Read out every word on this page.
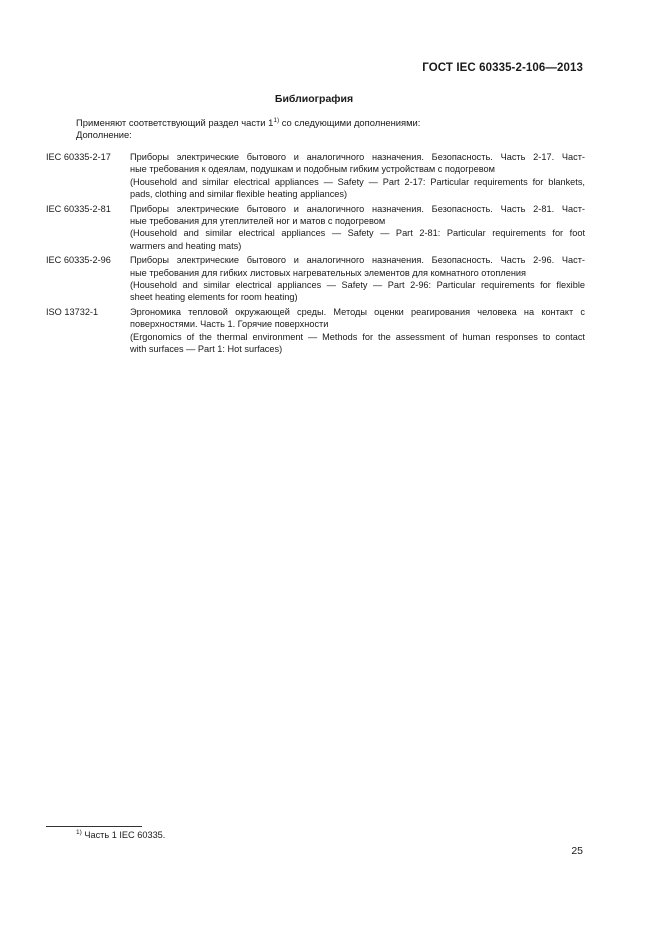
ГОСТ IEC 60335-2-106—2013
Библиография
Применяют соответствующий раздел части 1$^{1)}$ со следующими дополнениями:
Дополнение:
IEC 60335-2-17	Приборы электрические бытового и аналогичного назначения. Безопасность. Часть 2-17. Част-
ные требования к одеялам, подушкам и подобным гибким устройствам с подогревом
(Household and similar electrical appliances — Safety — Part 2-17: Particular requirements for blankets,
pads, clothing and similar flexible heating appliances)
IEC 60335-2-81	Приборы электрические бытового и аналогичного назначения. Безопасность. Часть 2-81. Част-
ные требования для утеплителей ног и матов с подогревом
(Household and similar electrical appliances — Safety — Part 2-81: Particular requirements for foot
warmers and heating mats)
IEC 60335-2-96	Приборы электрические бытового и аналогичного назначения. Безопасность. Часть 2-96. Част-
ные требования для гибких листовых нагревательных элементов для комнатного отопления
(Household and similar electrical appliances — Safety — Part 2-96: Particular requirements for flexible
sheet heating elements for room heating)
ISO 13732-1	Эргономика тепловой окружающей среды. Методы оценки реагирования человека на контакт с
поверхностями. Часть 1. Горячие поверхности
(Ergonomics of the thermal environment — Methods for the assessment of human responses to contact
with surfaces — Part 1: Hot surfaces)
$^{1)}$ Часть 1 IEC 60335.
25
